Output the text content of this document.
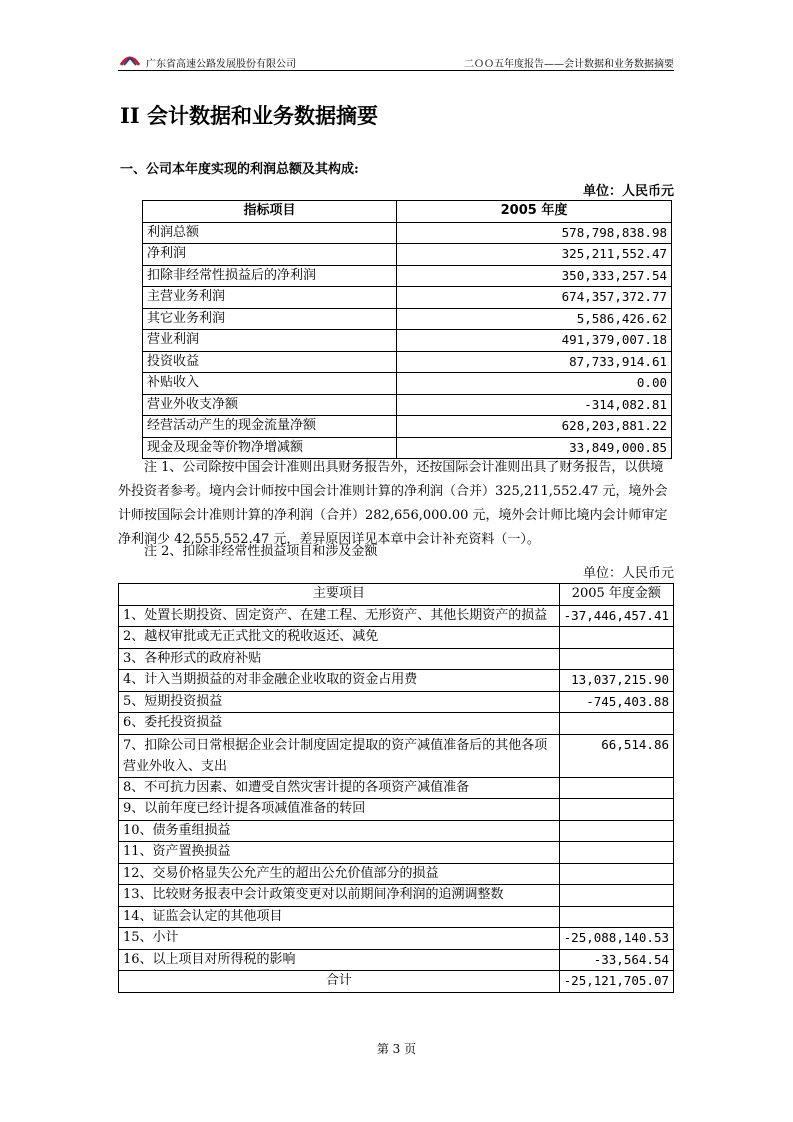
广东省高速公路发展股份有限公司	二ＯＯ五年度报告——会计数据和业务数据摘要
II 会计数据和业务数据摘要
一、公司本年度实现的利润总额及其构成:
单位：人民币元
指标项目	2005 年度
利润总额	578,798,838.98
净利润	325,211,552.47
扣除非经常性损益后的净利润	350,333,257.54
主营业务利润	674,357,372.77
其它业务利润	5,586,426.62
营业利润	491,379,007.18
投资收益	87,733,914.61
补贴收入	0.00
营业外收支净额	-314,082.81
经营活动产生的现金流量净额	628,203,881.22
现金及现金等价物净增减额	33,849,000.85
注 1、公司除按中国会计准则出具财务报告外，还按国际会计准则出具了财务报告，以供境外投资者参考。境内会计师按中国会计准则计算的净利润（合并）325,211,552.47 元，境外会计师按国际会计准则计算的净利润（合并）282,656,000.00 元，境外会计师比境内会计师审定净利润少 42,555,552.47 元，差异原因详见本章中会计补充资料（一）。
注 2、扣除非经常性损益项目和涉及金额
单位：人民币元
主要项目	2005 年度金额
1、处置长期投资、固定资产、在建工程、无形资产、其他长期资产的损益	-37,446,457.41
2、越权审批或无正式批文的税收返还、减免	
3、各种形式的政府补贴	
4、计入当期损益的对非金融企业收取的资金占用费	13,037,215.90
5、短期投资损益	-745,403.88
6、委托投资损益	
7、扣除公司日常根据企业会计制度固定提取的资产减值准备后的其他各项营业外收入、支出	66,514.86
8、不可抗力因素、如遭受自然灾害计提的各项资产减值准备	
9、以前年度已经计提各项减值准备的转回	
10、债务重组损益	
11、资产置换损益	
12、交易价格显失公允产生的超出公允价值部分的损益	
13、比较财务报表中会计政策变更对以前期间净利润的追溯调整数	
14、证监会认定的其他项目	
15、小计	-25,088,140.53
16、以上项目对所得税的影响	-33,564.54
合计	-25,121,705.07
第 3 页
